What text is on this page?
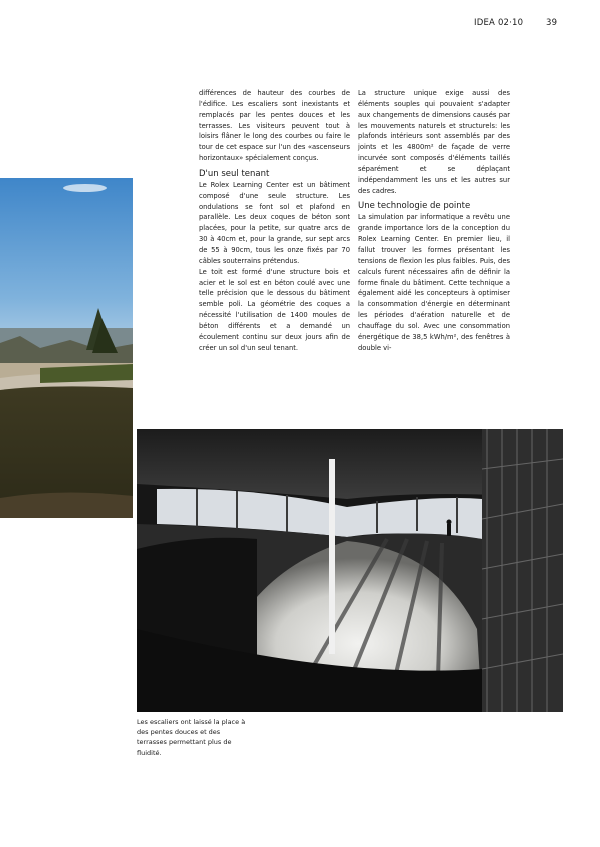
IDEA 02·10	39

différences de hauteur des courbes de l'édifice. Les escaliers sont inexistants et remplacés par les pentes douces et les terrasses. Les visiteurs peuvent tout à loisirs flâner le long des courbes ou faire le tour de cet espace sur l'un des «ascenseurs horizontaux» spécialement conçus.

D'un seul tenant

Le Rolex Learning Center est un bâtiment composé d'une seule structure. Les ondulations se font sol et plafond en parallèle. Les deux coques de béton sont placées, pour la petite, sur quatre arcs de 30 à 40cm et, pour la grande, sur sept arcs de 55 à 90cm, tous les onze fixés par 70 câbles souterrains prétendus.

Le toit est formé d'une structure bois et acier et le sol est en béton coulé avec une telle précision que le dessous du bâtiment semble poli. La géométrie des coques a nécessité l'utilisation de 1400 moules de béton différents et a demandé un écoulement continu sur deux jours afin de créer un sol d'un seul tenant.

La structure unique exige aussi des éléments souples qui pouvaient s'adapter aux changements de dimensions causés par les mouvements naturels et structurels: les plafonds intérieurs sont assemblés par des joints et les 4800m² de façade de verre incurvée sont composés d'éléments taillés séparément et se déplaçant indépendamment les uns et les autres sur des cadres.

Une technologie de pointe

La simulation par informatique a revêtu une grande importance lors de la conception du Rolex Learning Center. En premier lieu, il fallut trouver les formes présentant les tensions de flexion les plus faibles. Puis, des calculs furent nécessaires afin de définir la forme finale du bâtiment. Cette technique a également aidé les concepteurs à optimiser la consommation d'énergie en déterminant les périodes d'aération naturelle et de chauffage du sol. Avec une consommation énergétique de 38,5 kWh/m², des fenêtres à double vi-

Les escaliers ont laissé la place à des pentes douces et des terrasses permettant plus de fluidité.
